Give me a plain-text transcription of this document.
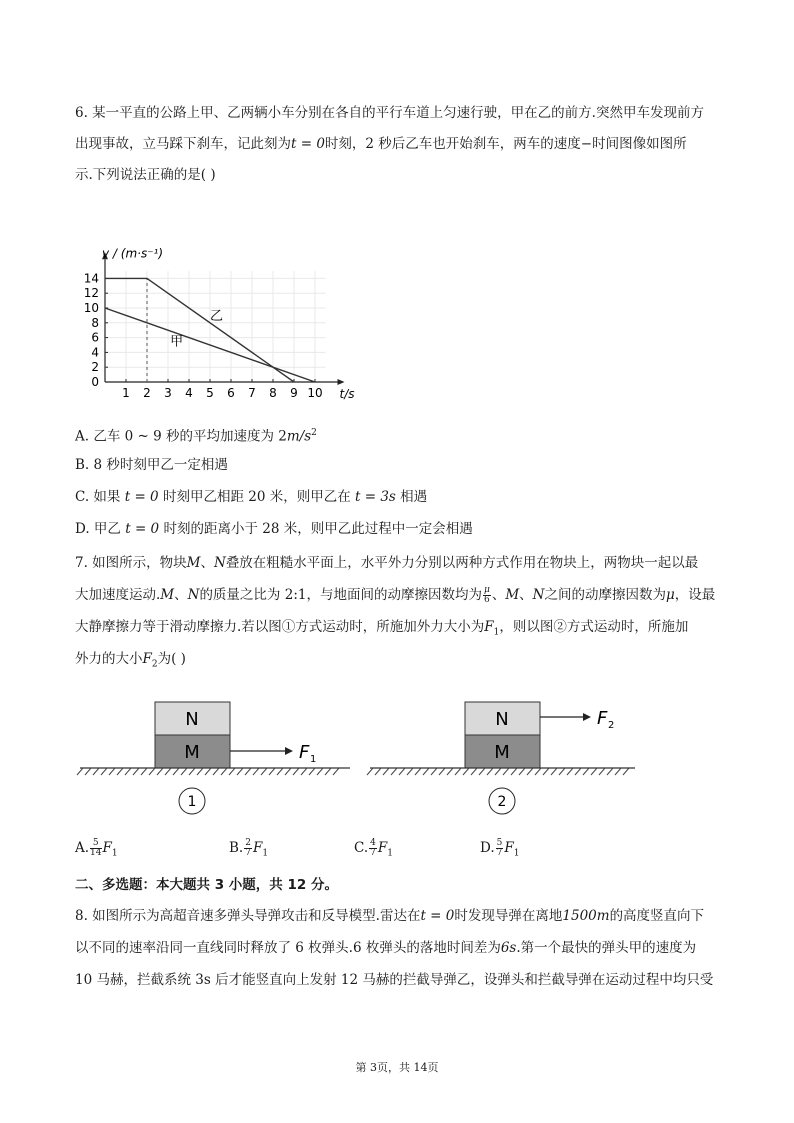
6. 某一平直的公路上甲、乙两辆小车分别在各自的平行车道上匀速行驶，甲在乙的前方.突然甲车发现前方
出现事故，立马踩下刹车，记此刻为t = 0时刻，2 秒后乙车也开始刹车，两车的速度−时间图像如图所
示.下列说法正确的是( )
1 2 3 4 5 6 7 8 9 10
0
2
4
6
8
10
12
14
v / (m·s⁻¹)
t/s
乙
甲
A. 乙车 0 ~ 9 秒的平均加速度为 $2m/s^2$
B. 8 秒时刻甲乙一定相遇
C. 如果 t = 0 时刻甲乙相距 20 米，则甲乙在 t = 3s 相遇
D. 甲乙 t = 0 时刻的距离小于 28 米，则甲乙此过程中一定会相遇
7. 如图所示，物块M、N叠放在粗糙水平面上，水平外力分别以两种方式作用在物块上，两物块一起以最
大加速度运动.M、N的质量之比为 2:1，与地面间的动摩擦因数均为 $\frac{\mu}{6}$ 、M、N之间的动摩擦因数为μ，设最
大静摩擦力等于滑动摩擦力.若以图①方式运动时，所施加外力大小为$F_1$，则以图②方式运动时，所施加
外力的大小$F_2$为( )
N
M	F 1
1
N
M
F 2
2
A. $\frac{5}{14} F_1$	B. $\frac{2}{7} F_1$	C. $\frac{4}{7} F_1$	D. $\frac{5}{7} F_1$
二、多选题：本大题共 3 小题，共 12 分。
8. 如图所示为高超音速多弹头导弹攻击和反导模型.雷达在t = 0时发现导弹在离地1500m的高度竖直向下
以不同的速率沿同一直线同时释放了 6 枚弹头.6 枚弹头的落地时间差为6s.第一个最快的弹头甲的速度为
10 马赫，拦截系统 3s 后才能竖直向上发射 12 马赫的拦截导弹乙，设弹头和拦截导弹在运动过程中均只受
第 3页，共 14页
